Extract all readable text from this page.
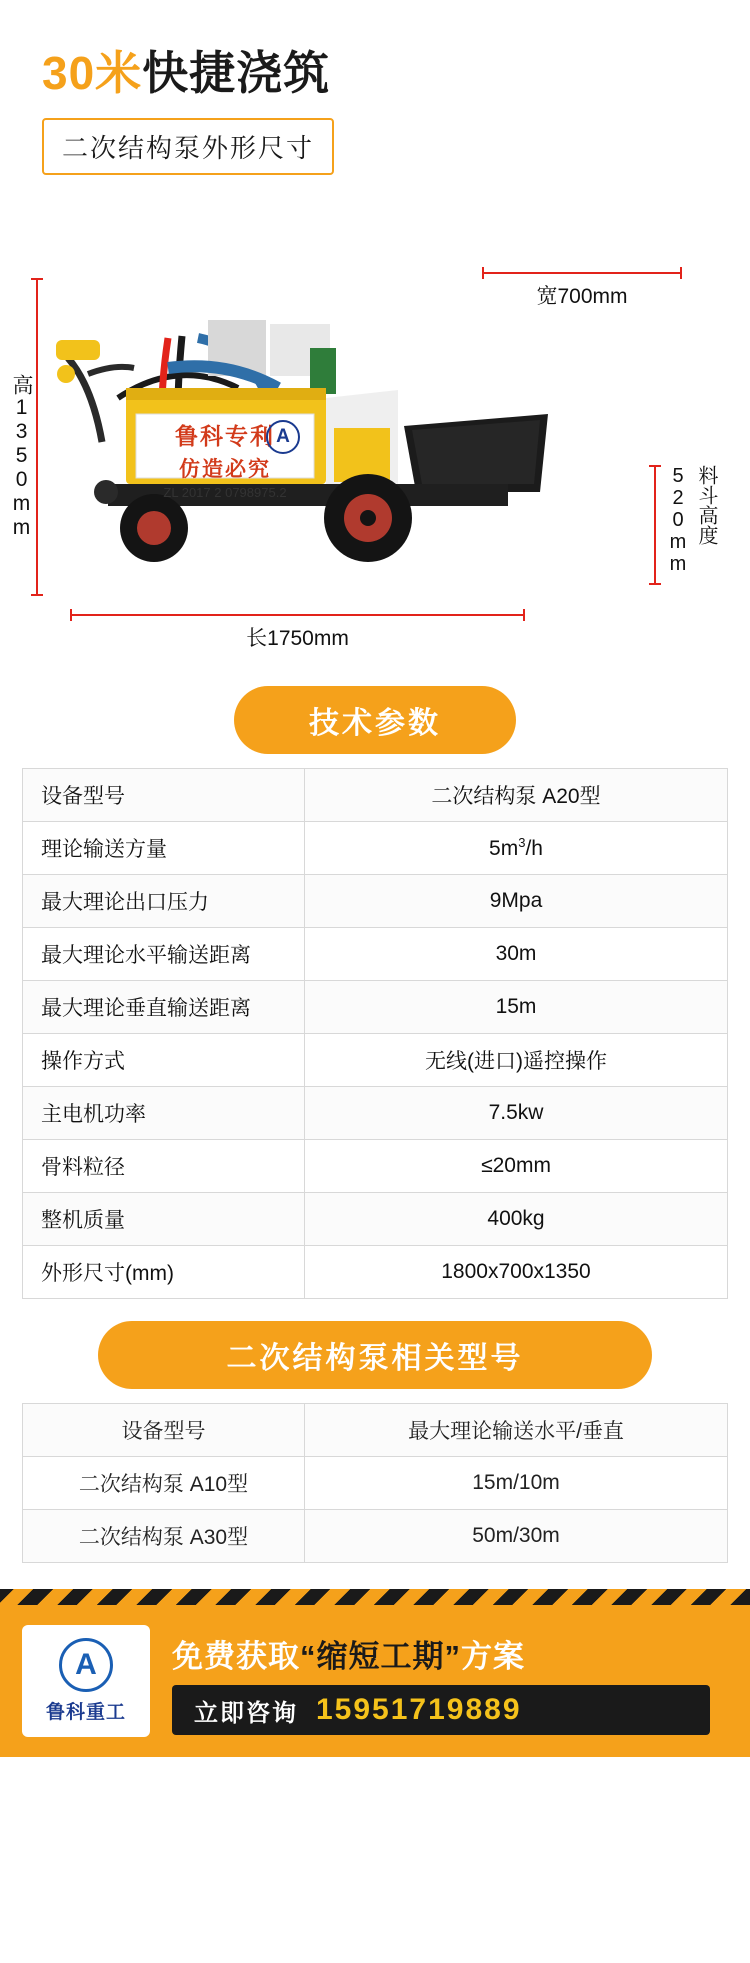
30米快捷浇筑
二次结构泵外形尺寸
宽700mm
高1350mm	鲁科专利
仿造必究
ZL 2017 2 0798975.2
A
520mm 料斗高度
长1750mm
技术参数
设备型号	二次结构泵 A20型
理论输送方量	$5m^3/h$
最大理论出口压力	9Mpa
最大理论水平输送距离	30m
最大理论垂直输送距离	15m
操作方式	无线(进口)遥控操作
主电机功率	7.5kw
骨料粒径	≤20mm
整机质量	400kg
外形尺寸(mm)	1800x700x1350
二次结构泵相关型号
设备型号	最大理论输送水平/垂直
二次结构泵 A10型	15m/10m
二次结构泵 A30型	50m/30m
A
鲁科重工
免费获取“缩短工期”方案
立即咨询 15951719889
